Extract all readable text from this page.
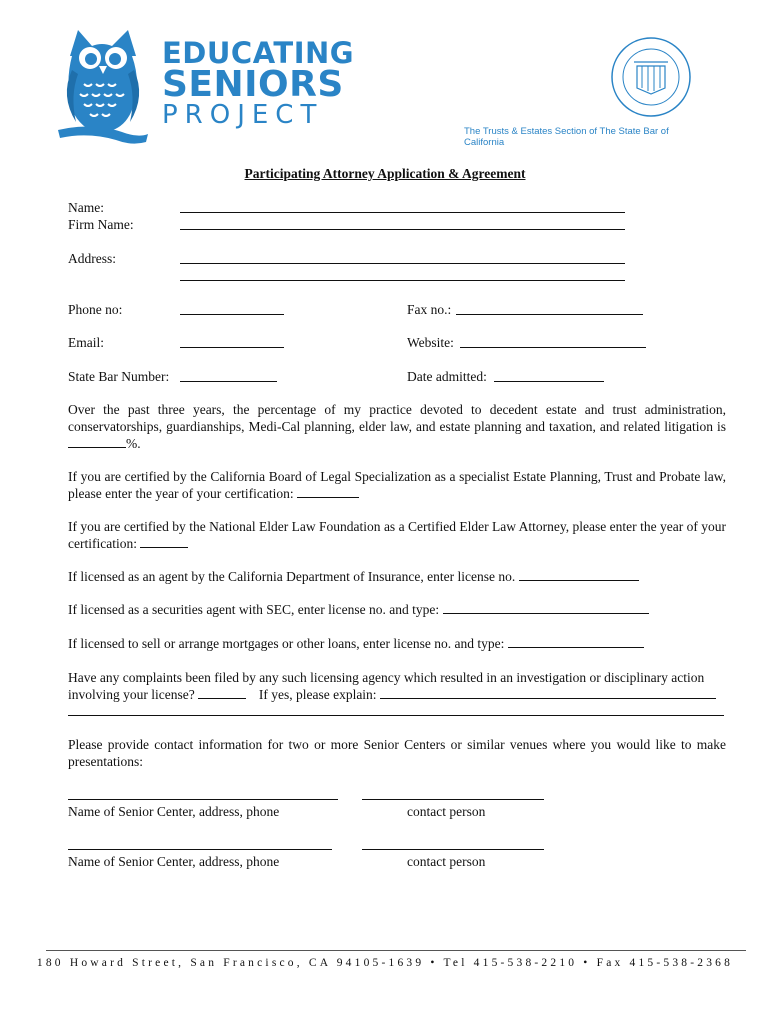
EDUCATING
SENIORS
PROJECT
The Trusts & Estates Section of The State Bar of California
Participating Attorney Application & Agreement
Name:
Firm Name:
Address:
Phone no:	Fax no.:
Email:	Website:
State Bar Number:	Date admitted:
Over the past three years, the percentage of my practice devoted to decedent estate and trust administration, conservatorships, guardianships, Medi-Cal planning, elder law, and estate planning and taxation, and related litigation is %.
If you are certified by the California Board of Legal Specialization as a specialist Estate Planning, Trust and Probate law, please enter the year of your certification:
If you are certified by the National Elder Law Foundation as a Certified Elder Law Attorney, please enter the year of your certification:
If licensed as an agent by the California Department of Insurance, enter license no.
If licensed as a securities agent with SEC, enter license no. and type:
If licensed to sell or arrange mortgages or other loans, enter license no. and type:
Have any complaints been filed by any such licensing agency which resulted in an investigation or disciplinary action
involving your license?	If yes, please explain:
Please provide contact information for two or more Senior Centers or similar venues where you would like to make presentations:
Name of Senior Center, address, phone	contact person
Name of Senior Center, address, phone	contact person
180 Howard Street, San Francisco, CA 94105-1639 • Tel 415-538-2210 • Fax 415-538-2368
